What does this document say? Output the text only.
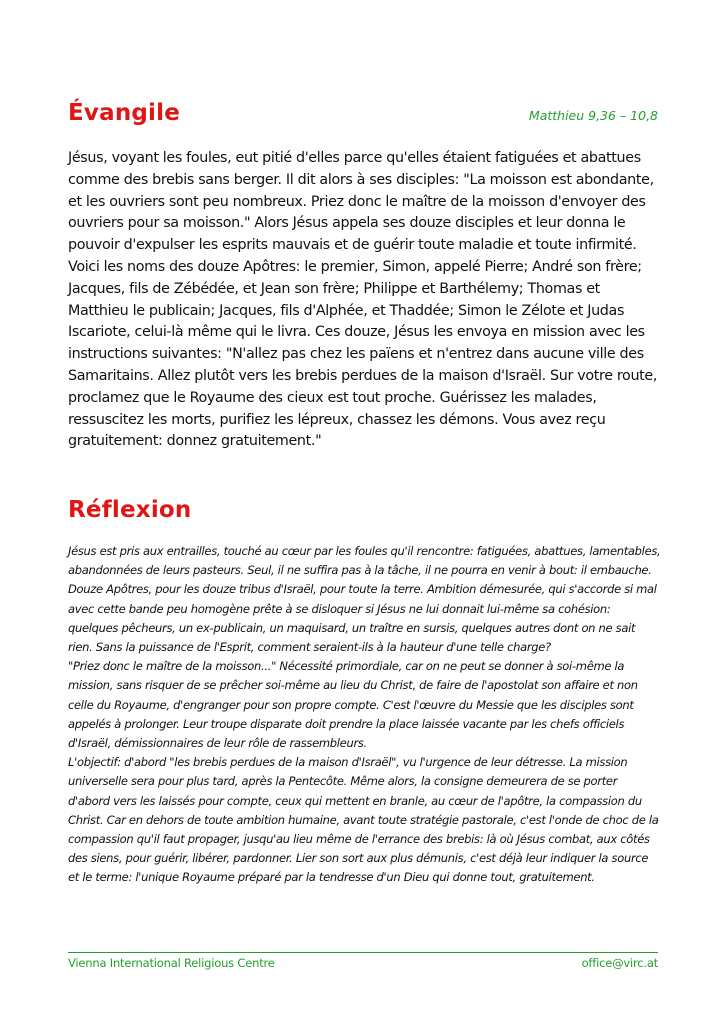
Évangile	Matthieu 9,36 – 10,8

Jésus, voyant les foules, eut pitié d'elles parce qu'elles étaient fatiguées et abattues comme des brebis sans berger. Il dit alors à ses disciples: "La moisson est abondante, et les ouvriers sont peu nombreux. Priez donc le maître de la moisson d'envoyer des ouvriers pour sa moisson." Alors Jésus appela ses douze disciples et leur donna le pouvoir d'expulser les esprits mauvais et de guérir toute maladie et toute infirmité. Voici les noms des douze Apôtres: le premier, Simon, appelé Pierre; André son frère; Jacques, fils de Zébédée, et Jean son frère; Philippe et Barthélemy; Thomas et Matthieu le publicain; Jacques, fils d'Alphée, et Thaddée; Simon le Zélote et Judas Iscariote, celui-là même qui le livra. Ces douze, Jésus les envoya en mission avec les instructions suivantes: "N'allez pas chez les païens et n'entrez dans aucune ville des Samaritains. Allez plutôt vers les brebis perdues de la maison d'Israël. Sur votre route, proclamez que le Royaume des cieux est tout proche. Guérissez les malades, ressuscitez les morts, purifiez les lépreux, chassez les démons. Vous avez reçu gratuitement: donnez gratuitement."

Réflexion

Jésus est pris aux entrailles, touché au cœur par les foules qu'il rencontre: fatiguées, abattues, lamentables, abandonnées de leurs pasteurs. Seul, il ne suffira pas à la tâche, il ne pourra en venir à bout: il embauche. Douze Apôtres, pour les douze tribus d'Israël, pour toute la terre. Ambition démesurée, qui s'accorde si mal avec cette bande peu homogène prête à se disloquer si Jésus ne lui donnait lui-même sa cohésion: quelques pêcheurs, un ex-publicain, un maquisard, un traître en sursis, quelques autres dont on ne sait rien. Sans la puissance de l'Esprit, comment seraient-ils à la hauteur d'une telle charge?

"Priez donc le maître de la moisson..." Nécessité primordiale, car on ne peut se donner à soi-même la mission, sans risquer de se prêcher soi-même au lieu du Christ, de faire de l'apostolat son affaire et non celle du Royaume, d'engranger pour son propre compte. C'est l'œuvre du Messie que les disciples sont appelés à prolonger. Leur troupe disparate doit prendre la place laissée vacante par les chefs officiels d'Israël, démissionnaires de leur rôle de rassembleurs.

L'objectif: d'abord "les brebis perdues de la maison d'Israël", vu l'urgence de leur détresse. La mission universelle sera pour plus tard, après la Pentecôte. Même alors, la consigne demeurera de se porter d'abord vers les laissés pour compte, ceux qui mettent en branle, au cœur de l'apôtre, la compassion du Christ. Car en dehors de toute ambition humaine, avant toute stratégie pastorale, c'est l'onde de choc de la compassion qu'il faut propager, jusqu'au lieu même de l'errance des brebis: là où Jésus combat, aux côtés des siens, pour guérir, libérer, pardonner. Lier son sort aux plus démunis, c'est déjà leur indiquer la source et le terme: l'unique Royaume préparé par la tendresse d'un Dieu qui donne tout, gratuitement.

Vienna International Religious Centre	office@virc.at
